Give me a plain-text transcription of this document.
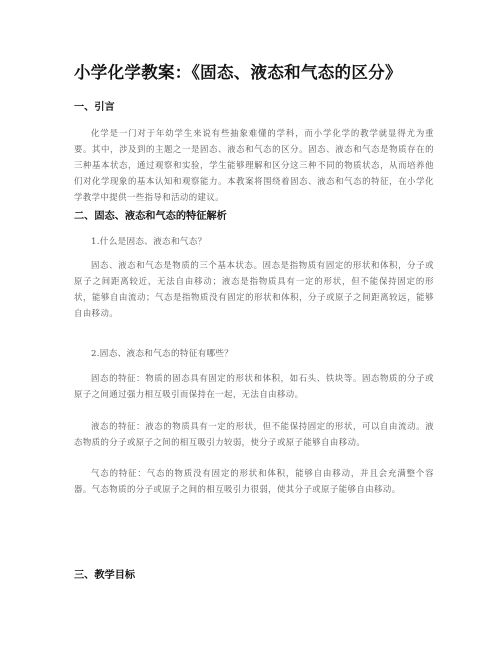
小学化学教案：《固态、液态和气态的区分》
一、引言
化学是一门对于年幼学生来说有些抽象难懂的学科，而小学化学的教学就显得尤为重要。其中，涉及到的主题之一是固态、液态和气态的区分。固态、液态和气态是物质存在的三种基本状态，通过观察和实验，学生能够理解和区分这三种不同的物质状态，从而培养他们对化学现象的基本认知和观察能力。本教案将围绕着固态、液态和气态的特征，在小学化学教学中提供一些指导和活动的建议。
二、固态、液态和气态的特征解析
1.什么是固态、液态和气态？
固态、液态和气态是物质的三个基本状态。固态是指物质有固定的形状和体积，分子或原子之间距离较近，无法自由移动；液态是指物质具有一定的形状，但不能保持固定的形状，能够自由流动；气态是指物质没有固定的形状和体积，分子或原子之间距离较远，能够自由移动。
2.固态、液态和气态的特征有哪些？
固态的特征：物质的固态具有固定的形状和体积，如石头、铁块等。固态物质的分子或原子之间通过强力相互吸引而保持在一起，无法自由移动。
液态的特征：液态的物质具有一定的形状，但不能保持固定的形状，可以自由流动。液态物质的分子或原子之间的相互吸引力较弱，使分子或原子能够自由移动。
气态的特征：气态的物质没有固定的形状和体积，能够自由移动，并且会充满整个容器。气态物质的分子或原子之间的相互吸引力很弱，使其分子或原子能够自由移动。
三、教学目标
